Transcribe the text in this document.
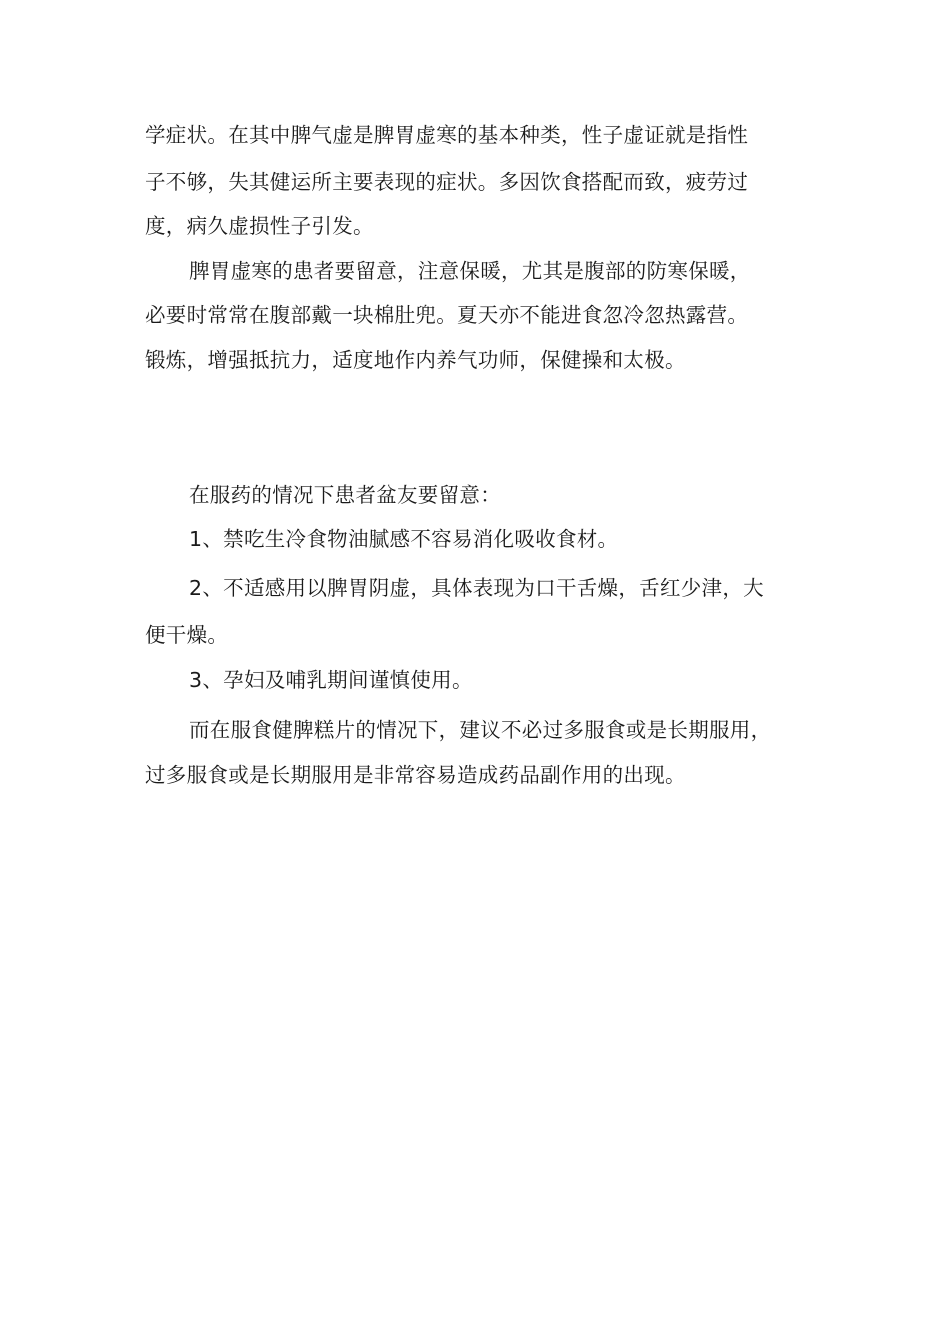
学症状。在其中脾气虚是脾胃虚寒的基本种类，性子虚证就是指性

子不够，失其健运所主要表现的症状。多因饮食搭配而致，疲劳过

度，病久虚损性子引发。

脾胃虚寒的患者要留意，注意保暖，尤其是腹部的防寒保暖，

必要时常常在腹部戴一块棉肚兜。夏天亦不能进食忽冷忽热露营。

锻炼，增强抵抗力，适度地作内养气功师，保健操和太极。

在服药的情况下患者盆友要留意：

1、禁吃生冷食物油腻感不容易消化吸收食材。

2、不适感用以脾胃阴虚，具体表现为口干舌燥，舌红少津，大

便干燥。

3、孕妇及哺乳期间谨慎使用。

而在服食健脾糕片的情况下，建议不必过多服食或是长期服用，

过多服食或是长期服用是非常容易造成药品副作用的出现。
